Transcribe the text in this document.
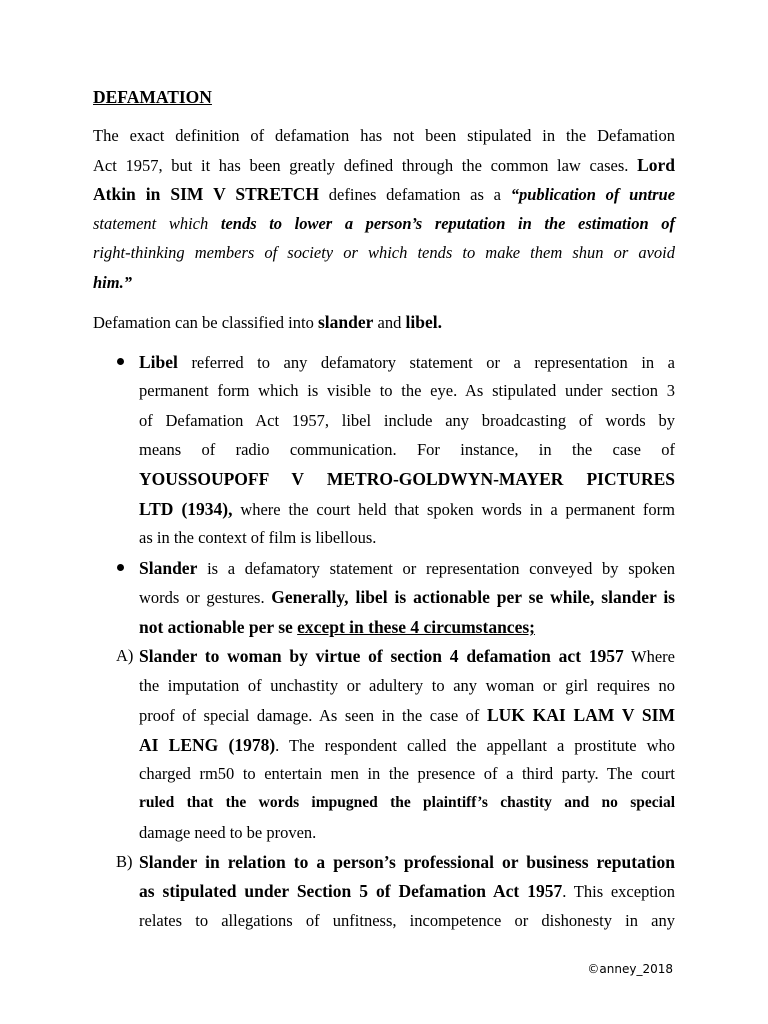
DEFAMATION
The exact definition of defamation has not been stipulated in the Defamation
Act 1957, but it has been greatly defined through the common law cases. Lord
Atkin in SIM V STRETCH defines defamation as a “publication of untrue
statement which tends to lower a person’s reputation in the estimation of
right-thinking members of society or which tends to make them shun or avoid
him.”
Defamation can be classified into slander and libel.
Libel referred to any defamatory statement or a representation in a
permanent form which is visible to the eye. As stipulated under section 3
of Defamation Act 1957, libel include any broadcasting of words by
means of radio communication. For instance, in the case of
YOUSSOUPOFF V METRO-GOLDWYN-MAYER PICTURES
LTD (1934), where the court held that spoken words in a permanent form
as in the context of film is libellous.
Slander is a defamatory statement or representation conveyed by spoken
words or gestures. Generally, libel is actionable per se while, slander is
not actionable per se except in these 4 circumstances;
A) Slander to woman by virtue of section 4 defamation act 1957 Where
the imputation of unchastity or adultery to any woman or girl requires no
proof of special damage. As seen in the case of LUK KAI LAM V SIM
AI LENG (1978). The respondent called the appellant a prostitute who
charged rm50 to entertain men in the presence of a third party. The court
ruled that the words impugned the plaintiff’s chastity and no special
damage need to be proven.
B) Slander in relation to a person’s professional or business reputation
as stipulated under Section 5 of Defamation Act 1957. This exception
relates to allegations of unfitness, incompetence or dishonesty in any
©anney_2018
